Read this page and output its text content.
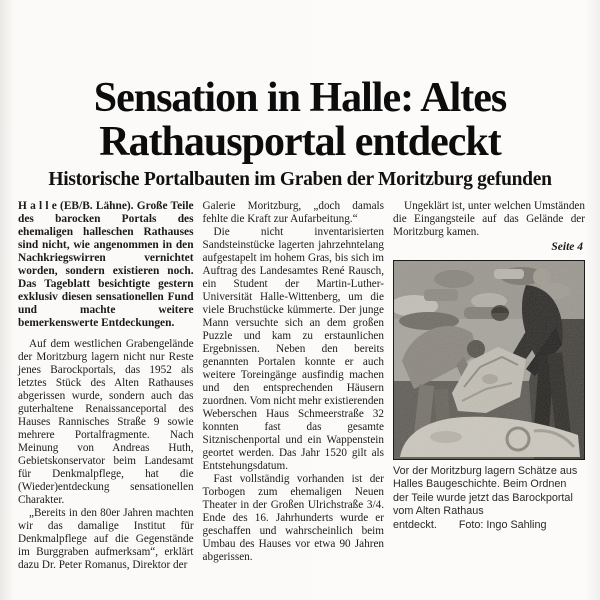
Sensation in Halle: Altes
Rathausportal entdeckt
Historische Portalbauten im Graben der Moritzburg gefunden

H a l l e (EB/B. Lähne). Große Teile des barocken Portals des ehemaligen halleschen Rathauses sind nicht, wie angenommen in den Nachkriegswirren vernichtet worden, sondern existieren noch. Das Tageblatt besichtigte gestern exklusiv diesen sensationellen Fund und machte weitere bemerkenswerte Entdeckungen.

Auf dem westlichen Grabengelände der Moritzburg lagern nicht nur Reste jenes Barockportals, das 1952 als letztes Stück des Alten Rathauses abgerissen wurde, sondern auch das guterhaltene Renaissanceportal des Hauses Rannisches Straße 9 sowie mehrere Portalfragmente. Nach Meinung von Andreas Huth, Gebietskonservator beim Landesamt für Denkmalpflege, hat die (Wieder)entdeckung sensationellen Charakter.

„Bereits in den 80er Jahren machten wir das damalige Institut für Denkmalpflege auf die Gegenstände im Burggraben aufmerksam“, erklärt dazu Dr. Peter Romanus, Direktor der

Galerie Moritzburg, „doch damals fehlte die Kraft zur Aufarbeitung.“

Die nicht inventarisierten Sandsteinstücke lagerten jahrzehntelang aufgestapelt im hohem Gras, bis sich im Auftrag des Landesamtes René Rausch, ein Student der Martin-Luther-Universität Halle-Wittenberg, um die viele Bruchstücke kümmerte. Der junge Mann versuchte sich an dem großen Puzzle und kam zu erstaunlichen Ergebnissen. Neben den bereits genannten Portalen konnte er auch weitere Toreingänge ausfindig machen und den entsprechenden Häusern zuordnen. Vom nicht mehr existierenden Weberschen Haus Schmeerstraße 32 konnten fast das gesamte Sitznischenportal und ein Wappenstein geortet werden. Das Jahr 1520 gilt als Entstehungsdatum.

Fast vollständig vorhanden ist der Torbogen zum ehemaligen Neuen Theater in der Großen Ulrichstraße 3/4. Ende des 16. Jahrhunderts wurde er geschaffen und wahrscheinlich beim Umbau des Hauses vor etwa 90 Jahren abgerissen.

Ungeklärt ist, unter welchen Umständen die Eingangsteile auf das Gelände der Moritzburg kamen.

Seite 4

Vor der Moritzburg lagern Schätze aus Halles Baugeschichte. Beim Ordnen der Teile wurde jetzt das Barockportal vom Alten Rathaus entdeckt. Foto: Ingo Sahling
